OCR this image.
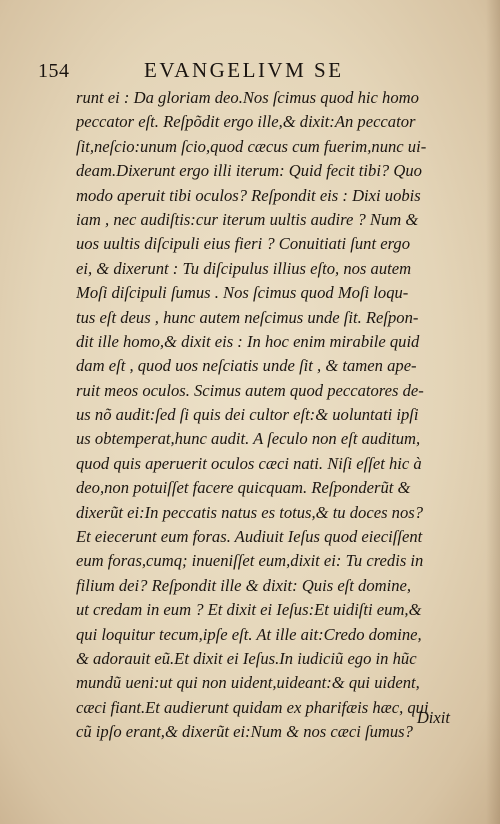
154	EVANGELIVM SE
runt ei : Da gloriam deo.Nos ſcimus quod hic homo
peccator eſt. Reſpõdit ergo ille,& dixit:An peccator
ſit,neſcio:unum ſcio,quod cæcus cum fuerim,nunc ui-
deam.Dixerunt ergo illi iterum: Quid fecit tibi? Quo
modo aperuit tibi oculos? Reſpondit eis : Dixi uobis
iam , nec audiſtis:cur iterum uultis audire ? Num &
uos uultis diſcipuli eius fieri ? Conuitiati ſunt ergo
ei, & dixerunt : Tu diſcipulus illius eſto, nos autem
Moſi diſcipuli ſumus . Nos ſcimus quod Moſi loqu-
tus eſt deus , hunc autem neſcimus unde ſit. Reſpon-
dit ille homo,& dixit eis : In hoc enim mirabile quid
dam eſt , quod uos neſciatis unde ſit , & tamen ape-
ruit meos oculos. Scimus autem quod peccatores de-
us nõ audit:ſed ſi quis dei cultor eſt:& uoluntati ipſi
us obtemperat,hunc audit. A ſeculo non eſt auditum,
quod quis aperuerit oculos cæci nati. Niſi eſſet hic à
deo,non potuiſſet facere quicquam. Reſponderũt &
dixerũt ei:In peccatis natus es totus,& tu doces nos?
Et eiecerunt eum foras. Audiuit Ieſus quod eieciſſent
eum foras,cumq; inueniſſet eum,dixit ei: Tu credis in
filium dei? Reſpondit ille & dixit: Quis eſt domine,
ut credam in eum ? Et dixit ei Ieſus:Et uidiſti eum,&
qui loquitur tecum,ipſe eſt. At ille ait:Credo domine,
& adorauit eũ.Et dixit ei Ieſus.In iudiciũ ego in hũc
mundũ ueni:ut qui non uident,uideant:& qui uident,
cæci fiant.Et audierunt quidam ex pharifæis hæc, qui
cũ ipſo erant,& dixerũt ei:Num & nos cæci ſumus?
Dixit
